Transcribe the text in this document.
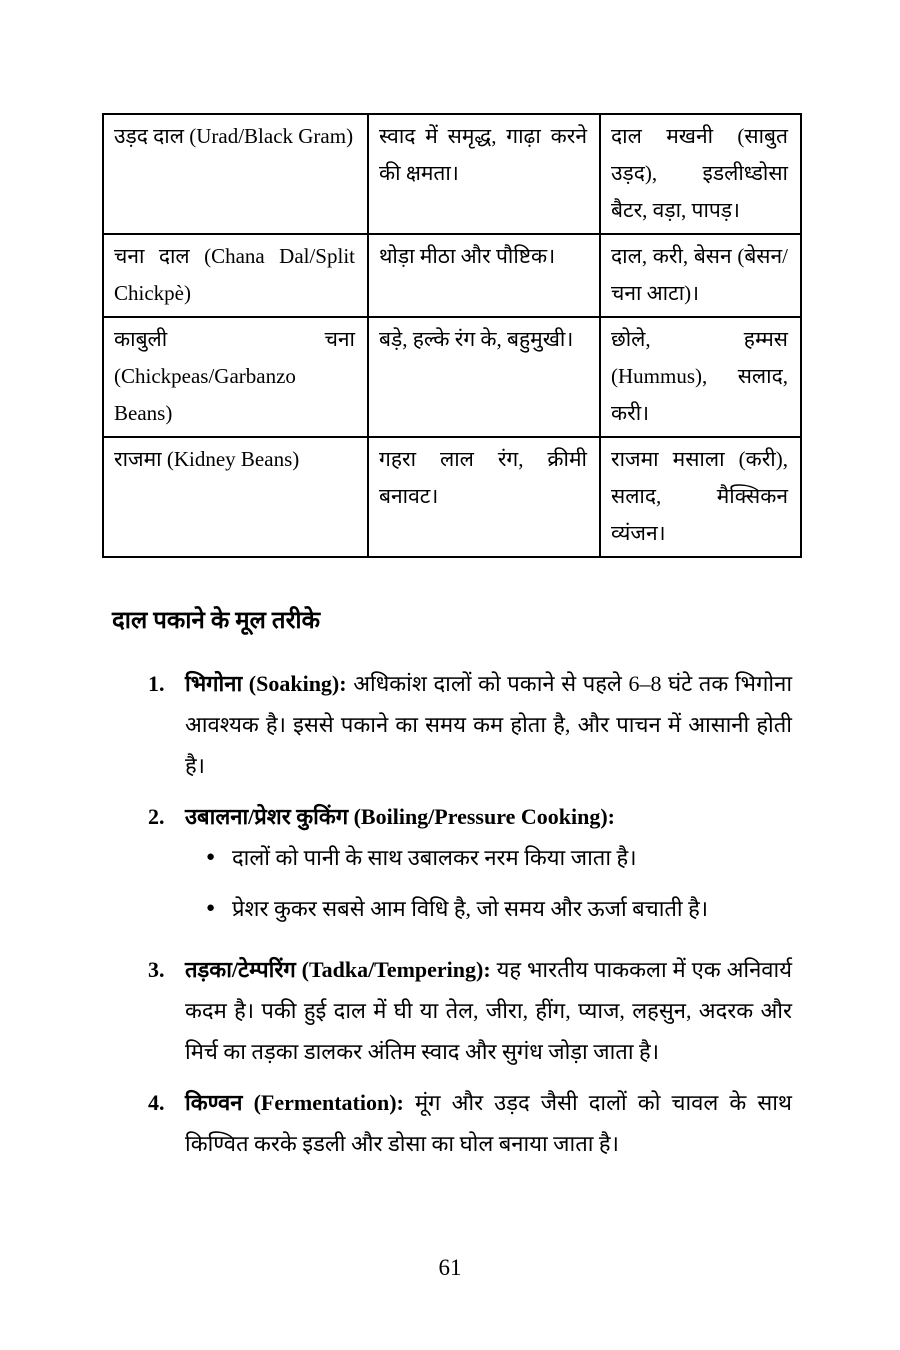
उड़द दाल (Urad/Black Gram)	स्वाद में समृद्ध, गाढ़ा करने की क्षमता।	दाल मखनी (साबुत उड़द), इडलीध्डोसा बैटर, वड़ा, पापड़।
चना दाल (Chana Dal/Split Chickpè)	थोड़ा मीठा और पौष्टिक।	दाल, करी, बेसन (बेसन/चना आटा)।
काबुली चना (Chickpeas/Garbanzo Beans)	बड़े, हल्के रंग के, बहुमुखी।	छोले, हम्मस (Hummus), सलाद, करी।
राजमा (Kidney Beans)	गहरा लाल रंग, क्रीमी बनावट।	राजमा मसाला (करी), सलाद, मैक्सिकन व्यंजन।
दाल पकाने के मूल तरीके
1. भिगोना (Soaking): अधिकांश दालों को पकाने से पहले 6–8 घंटे तक भिगोना आवश्यक है। इससे पकाने का समय कम होता है, और पाचन में आसानी होती है।
2. उबालना/प्रेशर कुकिंग (Boiling/Pressure Cooking):
● दालों को पानी के साथ उबालकर नरम किया जाता है।
● प्रेशर कुकर सबसे आम विधि है, जो समय और ऊर्जा बचाती है।
3. तड़का/टेम्परिंग (Tadka/Tempering): यह भारतीय पाककला में एक अनिवार्य कदम है। पकी हुई दाल में घी या तेल, जीरा, हींग, प्याज, लहसुन, अदरक और मिर्च का तड़का डालकर अंतिम स्वाद और सुगंध जोड़ा जाता है।
4. किण्वन (Fermentation): मूंग और उड़द जैसी दालों को चावल के साथ किण्वित करके इडली और डोसा का घोल बनाया जाता है।
61
